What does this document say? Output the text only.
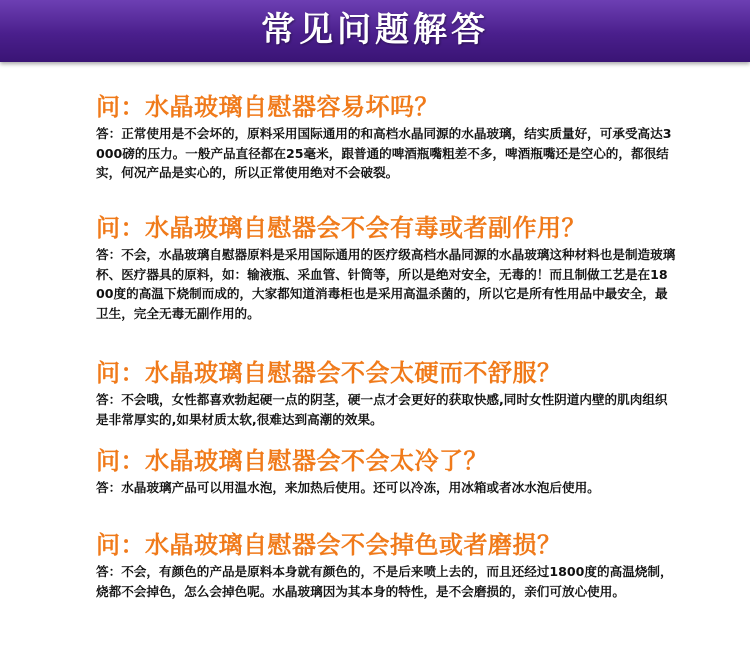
常见问题解答
问：水晶玻璃自慰器容易坏吗？
答：正常使用是不会坏的，原料采用国际通用的和高档水晶同源的水晶玻璃，结实质量好，可承受高达3000磅的压力。一般产品直径都在25毫米，跟普通的啤酒瓶嘴粗差不多，啤酒瓶嘴还是空心的，都很结实，何况产品是实心的，所以正常使用绝对不会破裂。
问：水晶玻璃自慰器会不会有毒或者副作用？
答：不会，水晶玻璃自慰器原料是采用国际通用的医疗级高档水晶同源的水晶玻璃这种材料也是制造玻璃杯、医疗器具的原料，如：输液瓶、采血管、针筒等，所以是绝对安全，无毒的！而且制做工艺是在1800度的高温下烧制而成的，大家都知道消毒柜也是采用高温杀菌的，所以它是所有性用品中最安全，最卫生，完全无毒无副作用的。
问：水晶玻璃自慰器会不会太硬而不舒服？
答：不会哦，女性都喜欢勃起硬一点的阴茎，硬一点才会更好的获取快感,同时女性阴道内壁的肌肉组织是非常厚实的,如果材质太软,很难达到高潮的效果。
问：水晶玻璃自慰器会不会太冷了？
答：水晶玻璃产品可以用温水泡，来加热后使用。还可以冷冻，用冰箱或者冰水泡后使用。
问：水晶玻璃自慰器会不会掉色或者磨损？
答：不会，有颜色的产品是原料本身就有颜色的，不是后来喷上去的，而且还经过1800度的高温烧制，烧都不会掉色，怎么会掉色呢。水晶玻璃因为其本身的特性，是不会磨损的，亲们可放心使用。
